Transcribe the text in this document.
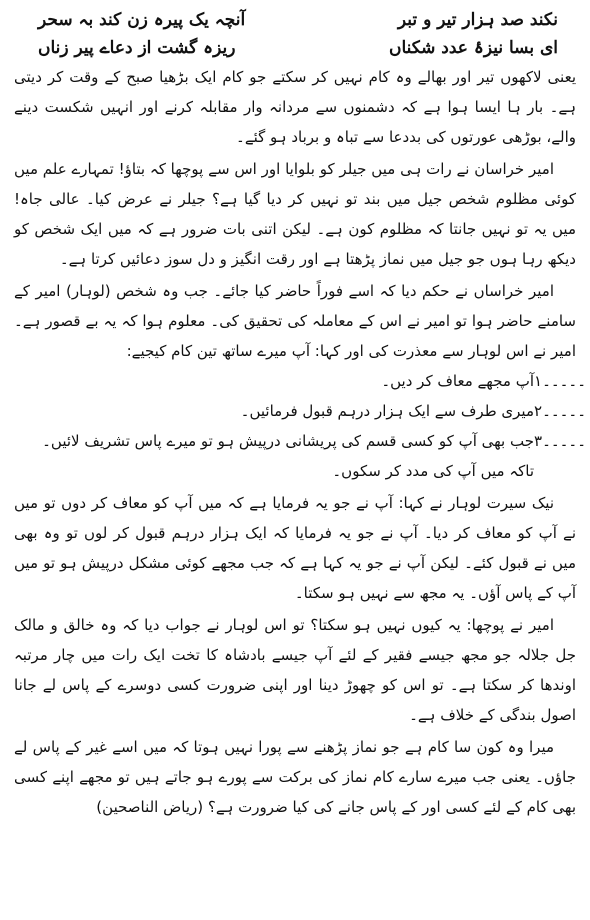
نکند صد ہزار تیر و تبر
آنچہ یک پیرہ زن کند بہ سحر
ای بسا نیزۂ عدد شکناں
ریزہ گشت از دعاے پیر زناں

یعنی لاکھوں تیر اور بھالے وہ کام نہیں کر سکتے جو کام ایک بڑھیا صبح کے وقت کر دیتی ہے۔ بار ہا ایسا ہوا ہے کہ دشمنوں سے مردانہ وار مقابلہ کرنے اور انہیں شکست دینے والے، بوڑھی عورتوں کی بددعا سے تباہ و برباد ہو گئے۔

امیر خراسان نے رات ہی میں جیلر کو بلوایا اور اس سے پوچھا کہ بتاؤ! تمہارے علم میں کوئی مظلوم شخص جیل میں بند تو نہیں کر دیا گیا ہے؟ جیلر نے عرض کیا۔ عالی جاہ! میں یہ تو نہیں جانتا کہ مظلوم کون ہے۔ لیکن اتنی بات ضرور ہے کہ میں ایک شخص کو دیکھ رہا ہوں جو جیل میں نماز پڑھتا ہے اور رقت انگیز و دل سوز دعائیں کرتا ہے۔

امیر خراساں نے حکم دیا کہ اسے فوراً حاضر کیا جائے۔ جب وہ شخص (لوہار) امیر کے سامنے حاضر ہوا تو امیر نے اس کے معاملہ کی تحقیق کی۔ معلوم ہوا کہ یہ بے قصور ہے۔ امیر نے اس لوہار سے معذرت کی اور کہا: آپ میرے ساتھ تین کام کیجیے:

۱۔۔۔۔۔
آپ مجھے معاف کر دیں۔
۲۔۔۔۔۔
میری طرف سے ایک ہزار درہم قبول فرمائیں۔
۳۔۔۔۔۔
جب بھی آپ کو کسی قسم کی پریشانی درپیش ہو تو میرے پاس تشریف لائیں۔ تاکہ میں آپ کی مدد کر سکوں۔

نیک سیرت لوہار نے کہا: آپ نے جو یہ فرمایا ہے کہ میں آپ کو معاف کر دوں تو میں نے آپ کو معاف کر دیا۔ آپ نے جو یہ فرمایا کہ ایک ہزار درہم قبول کر لوں تو وہ بھی میں نے قبول کئے۔ لیکن آپ نے جو یہ کہا ہے کہ جب مجھے کوئی مشکل درپیش ہو تو میں آپ کے پاس آؤں۔ یہ مجھ سے نہیں ہو سکتا۔

امیر نے پوچھا: یہ کیوں نہیں ہو سکتا؟ تو اس لوہار نے جواب دیا کہ وہ خالق و مالک جل جلالہ جو مجھ جیسے فقیر کے لئے آپ جیسے بادشاہ کا تخت ایک رات میں چار مرتبہ اوندھا کر سکتا ہے۔ تو اس کو چھوڑ دینا اور اپنی ضرورت کسی دوسرے کے پاس لے جانا اصول بندگی کے خلاف ہے۔

میرا وہ کون سا کام ہے جو نماز پڑھنے سے پورا نہیں ہوتا کہ میں اسے غیر کے پاس لے جاؤں۔ یعنی جب میرے سارے کام نماز کی برکت سے پورے ہو جاتے ہیں تو مجھے اپنے کسی بھی کام کے لئے کسی اور کے پاس جانے کی کیا ضرورت ہے؟ (ریاض الناصحین)
